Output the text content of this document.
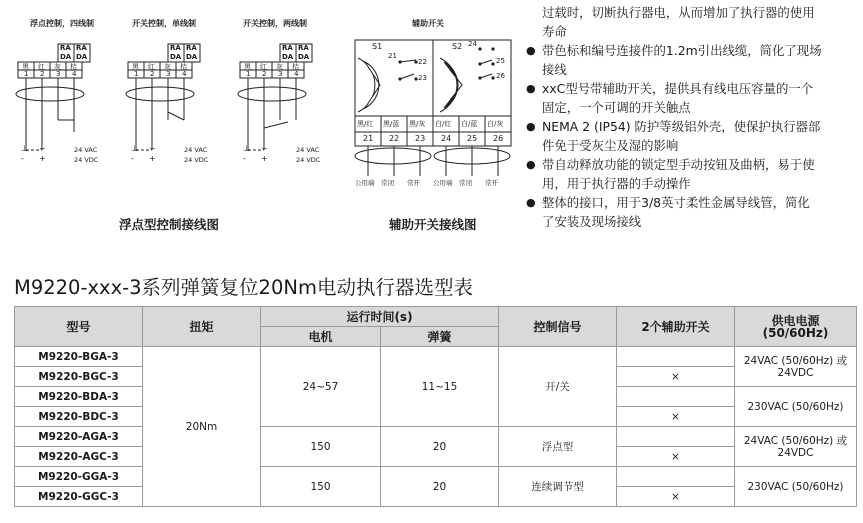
浮点控制，四线制	开关控制，单线制	开关控制，两线制	辅助开关
RA RA
DA DA
黑 红 灰 桔
1 2 3 4
⊥ ~
- +
24 VAC
24 VDC
RA RA
DA DA
黑 红 灰 桔
1 2 3 4
⊥ ~
- +
24 VAC
24 VDC
RA RA
DA DA
黑 红 灰 桔
1 2 3 4
⊥ ~
- +
24 VAC
24 VDC
S1	S2
21
22
23
24
25
26
黑/红 黑/蓝 黑/灰 白/红 白/蓝 白/灰
21 22 23 24 25 26
公用端 常闭 常开 公用端 常闭 常开
浮点型控制接线图	辅助开关接线图
过载时，切断执行器电，从而增加了执行器的使用
寿命
● 带色标和编号连接件的1.2m引出线缆，简化了现场
接线
● xxC型号带辅助开关，提供具有线电压容量的一个
固定，一个可调的开关触点
● NEMA 2 (IP54) 防护等级铝外壳，使保护执行器部
件免于受灰尘及湿的影响
● 带自动释放功能的锁定型手动按钮及曲柄，易于使
用，用于执行器的手动操作
● 整体的接口，用于3/8英寸柔性金属导线管，简化
了安装及现场接线
M9220-xxx-3系列弹簧复位20Nm电动执行器选型表
型号	扭矩	运行时间(s)		控制信号	2个辅助开关	供电电源
(50/60Hz)
		电机	弹簧			
M9220-BGA-3	20Nm	24~57	11~15	开/关		24VAC (50/60Hz) 或 24VDC
M9220-BGC-3					×	
M9220-BDA-3						230VAC (50/60Hz)
M9220-BDC-3					×	
M9220-AGA-3		150	20	浮点型		24VAC (50/60Hz) 或 24VDC
M9220-AGC-3					×	
M9220-GGA-3		150	20	连续调节型		230VAC (50/60Hz)
M9220-GGC-3					×	
